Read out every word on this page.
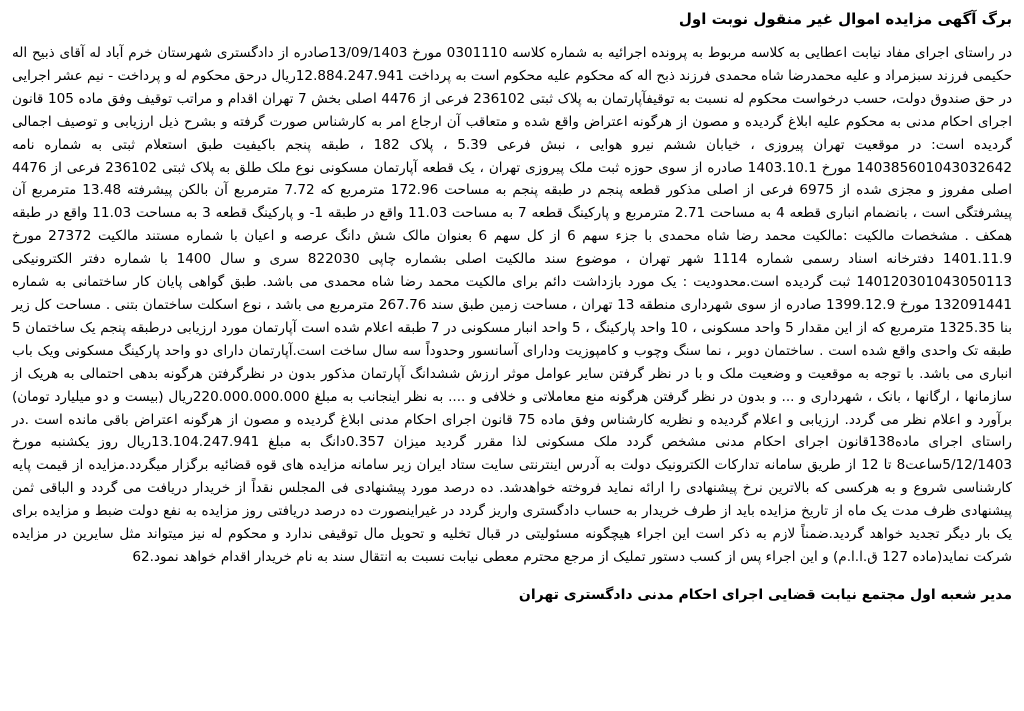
برگ آگهی مزایده اموال غیر منقول نوبت اول

در راستای اجرای مفاد نیابت اعطایی به کلاسه مربوط به پرونده اجرائیه به شماره کلاسه 0301110 مورخ 13/09/1403صادره از دادگستری شهرستان خرم آباد له آقای ذبیح اله حکیمی فرزند سبزمراد و علیه محمدرضا شاه محمدی فرزند ذبح اله که محکوم علیه محکوم است به پرداخت 12.884.247.941ریال درحق محکوم له و پرداخت - نیم عشر اجرایی در حق صندوق دولت، حسب درخواست محکوم له نسبت به توقیفآپارتمان به پلاک ثبتی 236102 فرعی از 4476 اصلی بخش 7 تهران اقدام و مراتب توقیف وفق ماده 105 قانون اجرای احکام مدنی به محکوم علیه ابلاغ گردیده و مصون از هرگونه اعتراض واقع شده و متعاقب آن ارجاع امر به کارشناس صورت گرفته و بشرح ذیل ارزیابی و توصیف اجمالی گردیده است: در موقعیت تهران پیروزی ، خیابان ششم نیرو هوایی ، نبش فرعی 5.39 ، پلاک 182 ، طبقه پنجم باکیفیت طبق استعلام ثبتی به شماره نامه 140385601043032642 مورخ 1403.10.1 صادره از سوی حوزه ثبت ملک پیروزی تهران ، یک قطعه آپارتمان مسکونی نوع ملک طلق به پلاک ثبتی 236102 فرعی از 4476 اصلی مفروز و مجزی شده از 6975 فرعی از اصلی مذکور قطعه پنجم در طبقه پنجم به مساحت 172.96 مترمربع که 7.72 مترمربع آن بالکن پیشرفته 13.48 مترمربع آن پیشرفتگی است ، بانضمام انباری قطعه 4 به مساحت 2.71 مترمربع و پارکینگ قطعه 7 به مساحت 11.03 واقع در طبقه 1- و پارکینگ قطعه 3 به مساحت 11.03 واقع در طبقه همکف . مشخصات مالکیت :مالکیت محمد رضا شاه محمدی با جزء سهم 6 از کل سهم 6 بعنوان مالک شش دانگ عرصه و اعیان با شماره مستند مالکیت 27372 مورخ 1401.11.9 دفترخانه اسناد رسمی شماره 1114 شهر تهران ، موضوع سند مالکیت اصلی بشماره چاپی 822030 سری و سال 1400 با شماره دفتر الکترونیکی 140120301043050113 ثبت گردیده است.محدودیت : یک مورد بازداشت دائم برای مالکیت محمد رضا شاه محمدی می باشد. طبق گواهی پایان کار ساختمانی به شماره 132091441 مورخ 1399.12.9 صادره از سوی شهرداری منطقه 13 تهران ، مساحت زمین طبق سند 267.76 مترمربع می باشد ، نوع اسکلت ساختمان بتنی . مساحت کل زیر بنا 1325.35 مترمربع که از این مقدار 5 واحد مسکونی ، 10 واحد پارکینگ ، 5 واحد انبار مسکونی در 7 طبقه اعلام شده است آپارتمان مورد ارزیابی درطبقه پنجم یک ساختمان 5 طبقه تک واحدی واقع شده است . ساختمان دوبر ، نما سنگ وچوب و کامپوزیت ودارای آسانسور وحدوداً سه سال ساخت است.آپارتمان دارای دو واحد پارکینگ مسکونی ویک باب انباری می باشد. با توجه به موقعیت و وضعیت ملک و با در نظر گرفتن سایر عوامل موثر ارزش ششدانگ آپارتمان مذکور بدون در نظرگرفتن هرگونه بدهی احتمالی به هریک از سازمانها ، ارگانها ، بانک ، شهرداری و ... و بدون در نظر گرفتن هرگونه منع معاملاتی و خلافی و .... به نظر اینجانب به مبلغ 220.000.000.000ریال (بیست و دو میلیارد تومان) برآورد و اعلام نظر می گردد. ارزیابی و اعلام گردیده و نظریه کارشناس وفق ماده 75 قانون اجرای احکام مدنی ابلاغ گردیده و مصون از هرگونه اعتراض باقی مانده است .در راستای اجرای ماده138قانون اجرای احکام مدنی مشخص گردد ملک مسکونی لذا مقرر گردید میزان 0.357دانگ به مبلغ 13.104.247.941ریال روز یکشنبه مورخ 5/12/1403ساعت8 تا 12 از طریق سامانه تدارکات الکترونیک دولت به آدرس اینترنتی سایت ستاد ایران زیر سامانه مزایده های قوه قضائیه برگزار میگردد.مزایده از قیمت پایه کارشناسی شروع و به هرکسی که بالاترین نرخ پیشنهادی را ارائه نماید فروخته خواهدشد. ده درصد مورد پیشنهادی فی المجلس نقداً از خریدار دریافت می گردد و الباقی ثمن پیشنهادی ظرف مدت یک ماه از تاریخ مزایده باید از طرف خریدار به حساب دادگستری واریز گردد در غیراینصورت ده درصد دریافتی روز مزایده به نفع دولت ضبط و مزایده برای یک بار دیگر تجدید خواهد گردید.ضمناً لازم به ذکر است این اجراء هیچگونه مسئولیتی در قبال تخلیه و تحویل مال توقیفی ندارد و محکوم له نیز میتواند مثل سایرین در مزایده شرکت نماید(ماده 127 ق.ا.ا.م) و این اجراء پس از کسب دستور تملیک از مرجع محترم معطی نیابت نسبت به انتقال سند به نام خریدار اقدام خواهد نمود.62

مدیر شعبه اول مجتمع نیابت قضایی اجرای احکام مدنی دادگستری تهران
